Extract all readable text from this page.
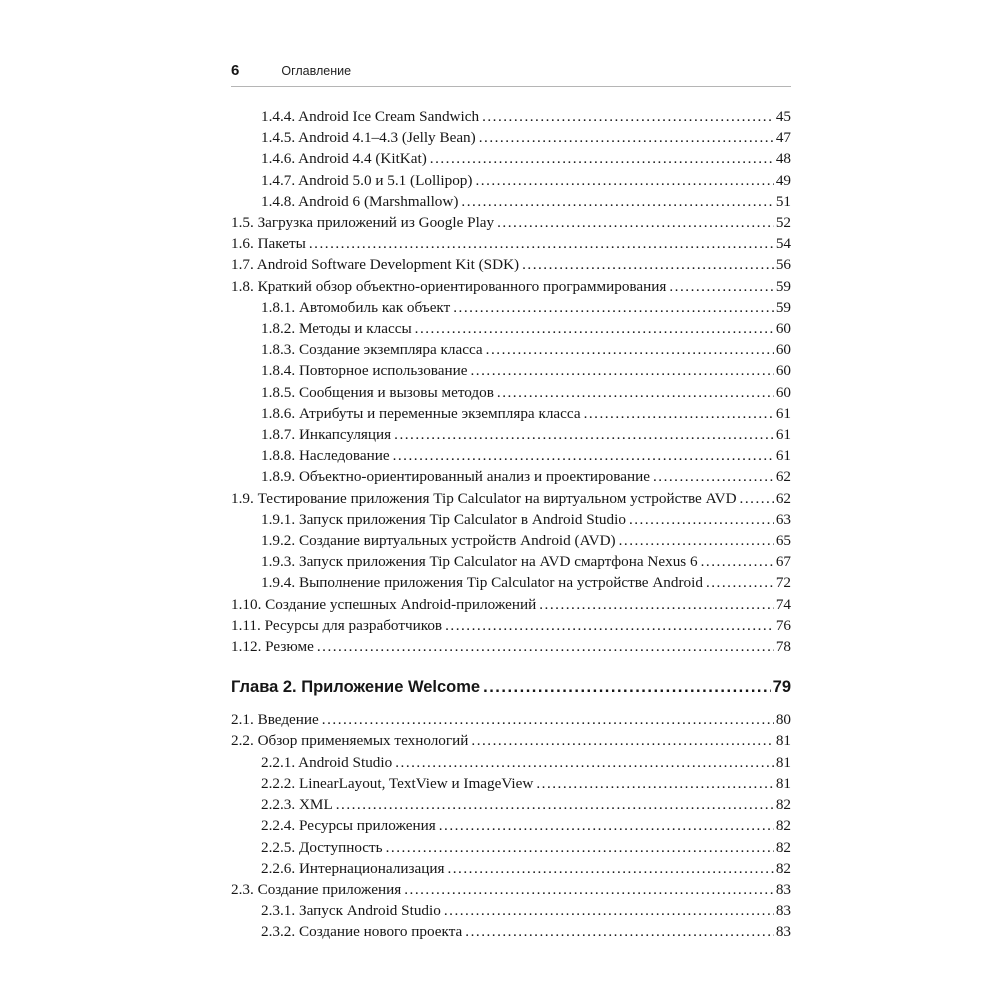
6	Оглавление
1.4.4. Android Ice Cream Sandwich .....	45
1.4.5. Android 4.1–4.3 (Jelly Bean) .....	47
1.4.6. Android 4.4 (KitKat) .....	48
1.4.7. Android 5.0 и 5.1 (Lollipop) .....	49
1.4.8. Android 6 (Marshmallow) .....	51
1.5. Загрузка приложений из Google Play .....	52
1.6. Пакеты .....	54
1.7. Android Software Development Kit (SDK) .....	56
1.8. Краткий обзор объектно-ориентированного программирования .....	59
1.8.1. Автомобиль как объект .....	59
1.8.2. Методы и классы .....	60
1.8.3. Создание экземпляра класса .....	60
1.8.4. Повторное использование .....	60
1.8.5. Сообщения и вызовы методов .....	60
1.8.6. Атрибуты и переменные экземпляра класса .....	61
1.8.7. Инкапсуляция .....	61
1.8.8. Наследование .....	61
1.8.9. Объектно-ориентированный анализ и проектирование .....	62
1.9. Тестирование приложения Tip Calculator на виртуальном устройстве AVD .....	62
1.9.1. Запуск приложения Tip Calculator в Android Studio .....	63
1.9.2. Создание виртуальных устройств Android (AVD) .....	65
1.9.3. Запуск приложения Tip Calculator на AVD смартфона Nexus 6 .....	67
1.9.4. Выполнение приложения Tip Calculator на устройстве Android .....	72
1.10. Создание успешных Android-приложений .....	74
1.11. Ресурсы для разработчиков .....	76
1.12. Резюме .....	78
Глава 2. Приложение Welcome .....	79
2.1. Введение .....	80
2.2. Обзор применяемых технологий .....	81
2.2.1. Android Studio .....	81
2.2.2. LinearLayout, TextView и ImageView .....	81
2.2.3. XML .....	82
2.2.4. Ресурсы приложения .....	82
2.2.5. Доступность .....	82
2.2.6. Интернационализация .....	82
2.3. Создание приложения .....	83
2.3.1. Запуск Android Studio .....	83
2.3.2. Создание нового проекта .....	83
